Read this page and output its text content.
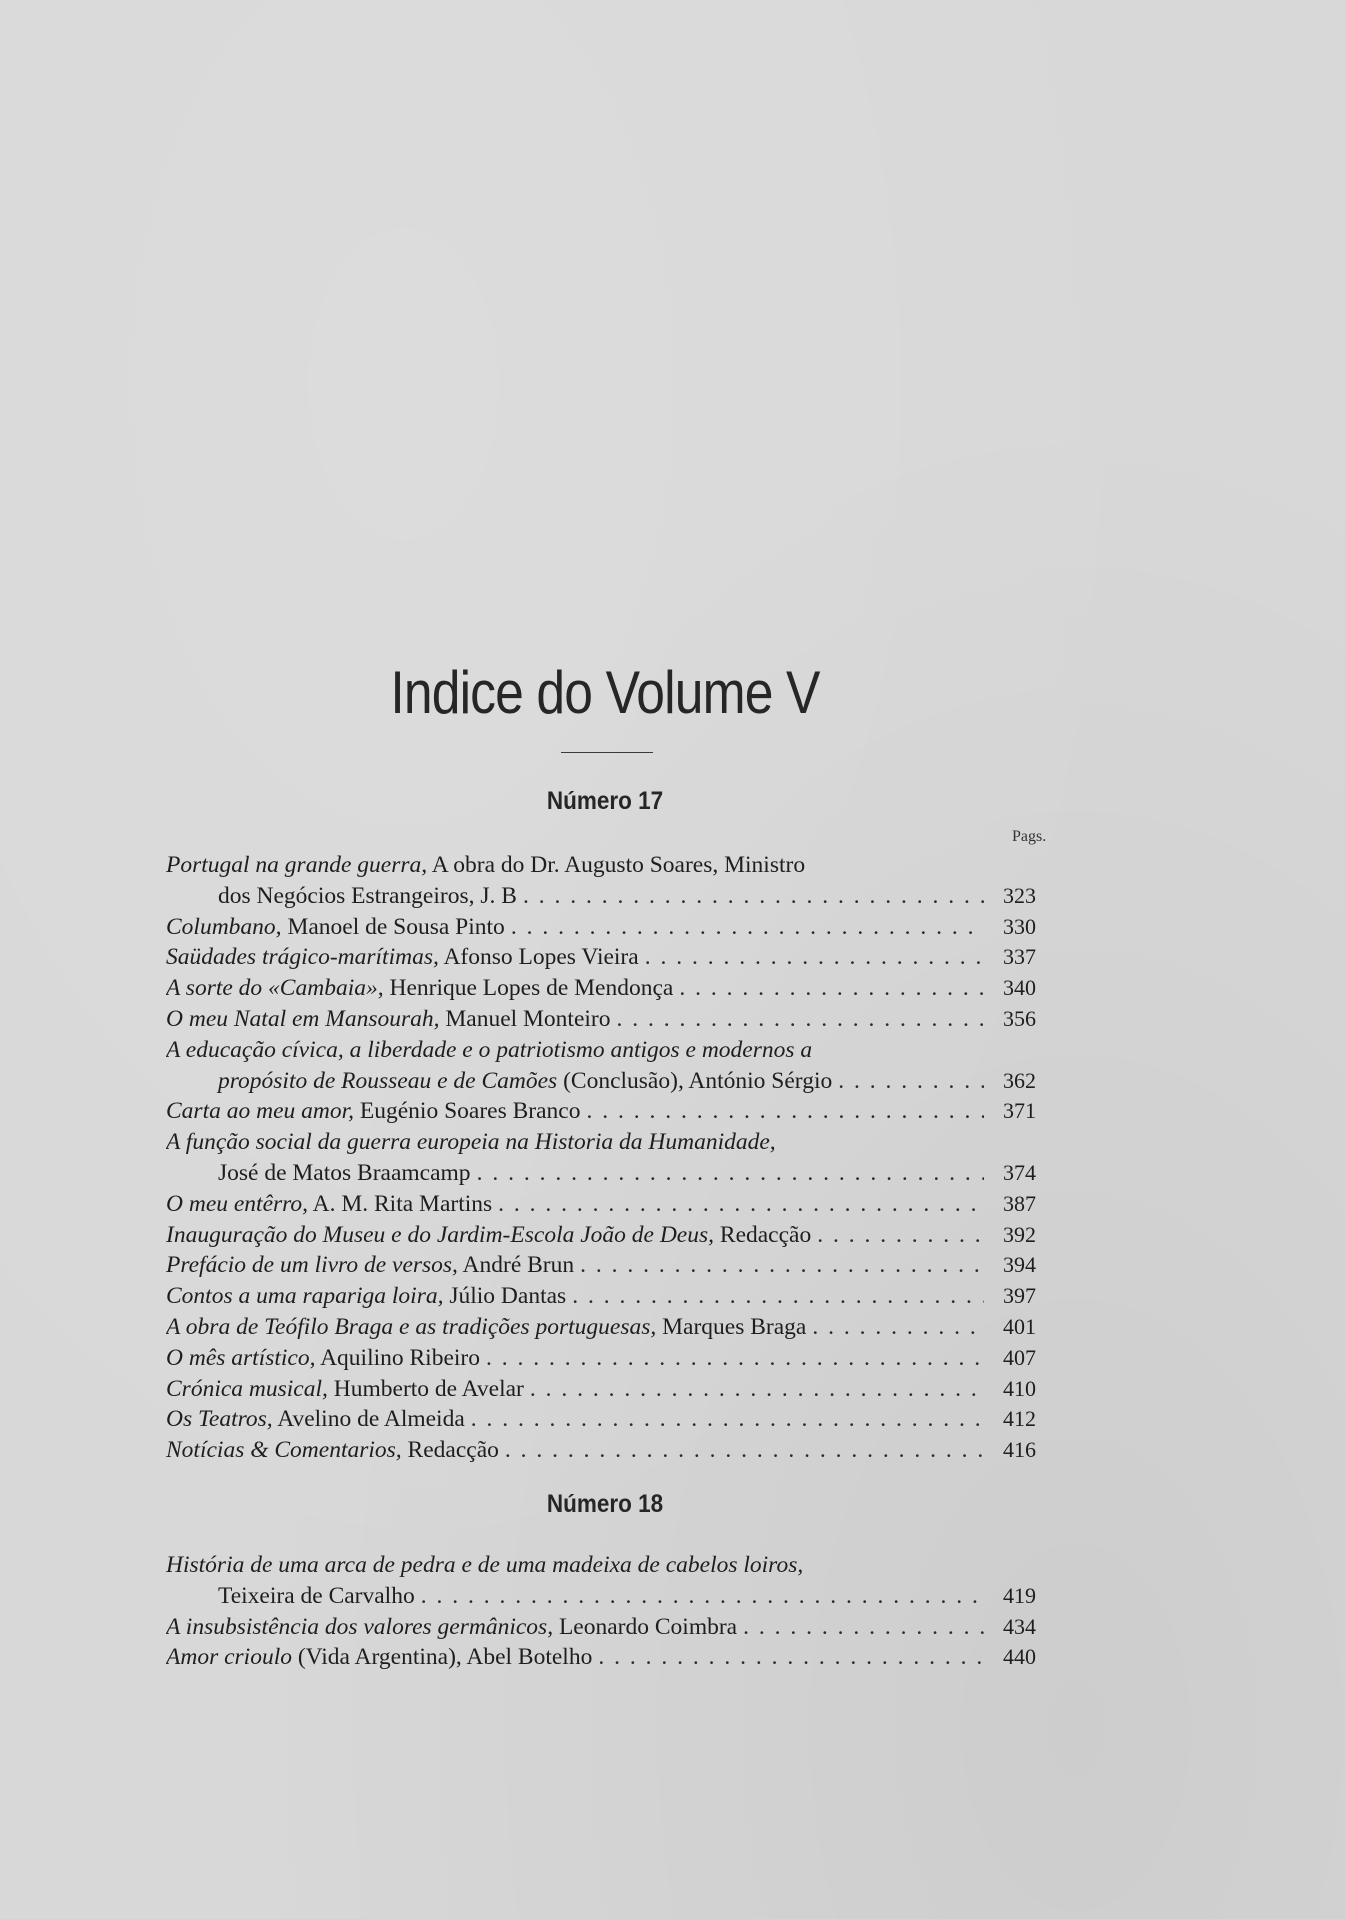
Indice do Volume V
Número 17
Pags.
Portugal na grande guerra, A obra do Dr. Augusto Soares, Ministro
dos Negócios Estrangeiros, J. B . . .	323
Columbano, Manoel de Sousa Pinto . . .	330
Saüdades trágico-marítimas, Afonso Lopes Vieira . . .	337
A sorte do «Cambaia», Henrique Lopes de Mendonça . . .	340
O meu Natal em Mansourah, Manuel Monteiro . . .	356
A educação cívica, a liberdade e o patriotismo antigos e modernos a
propósito de Rousseau e de Camões (Conclusão), António Sérgio . . .	362
Carta ao meu amor, Eugénio Soares Branco . . .	371
A função social da guerra europeia na Historia da Humanidade,
José de Matos Braamcamp . . .	374
O meu entêrro, A. M. Rita Martins . . .	387
Inauguração do Museu e do Jardim-Escola João de Deus, Redacção . . .	392
Prefácio de um livro de versos, André Brun . . .	394
Contos a uma rapariga loira, Júlio Dantas . . .	397
A obra de Teófilo Braga e as tradições portuguesas, Marques Braga . . .	401
O mês artístico, Aquilino Ribeiro . . .	407
Crónica musical, Humberto de Avelar . . .	410
Os Teatros, Avelino de Almeida . . .	412
Notícias & Comentarios, Redacção . . .	416
Número 18
História de uma arca de pedra e de uma madeixa de cabelos loiros,
Teixeira de Carvalho . . .	419
A insubsistência dos valores germânicos, Leonardo Coimbra . . .	434
Amor crioulo (Vida Argentina), Abel Botelho . . .	440
